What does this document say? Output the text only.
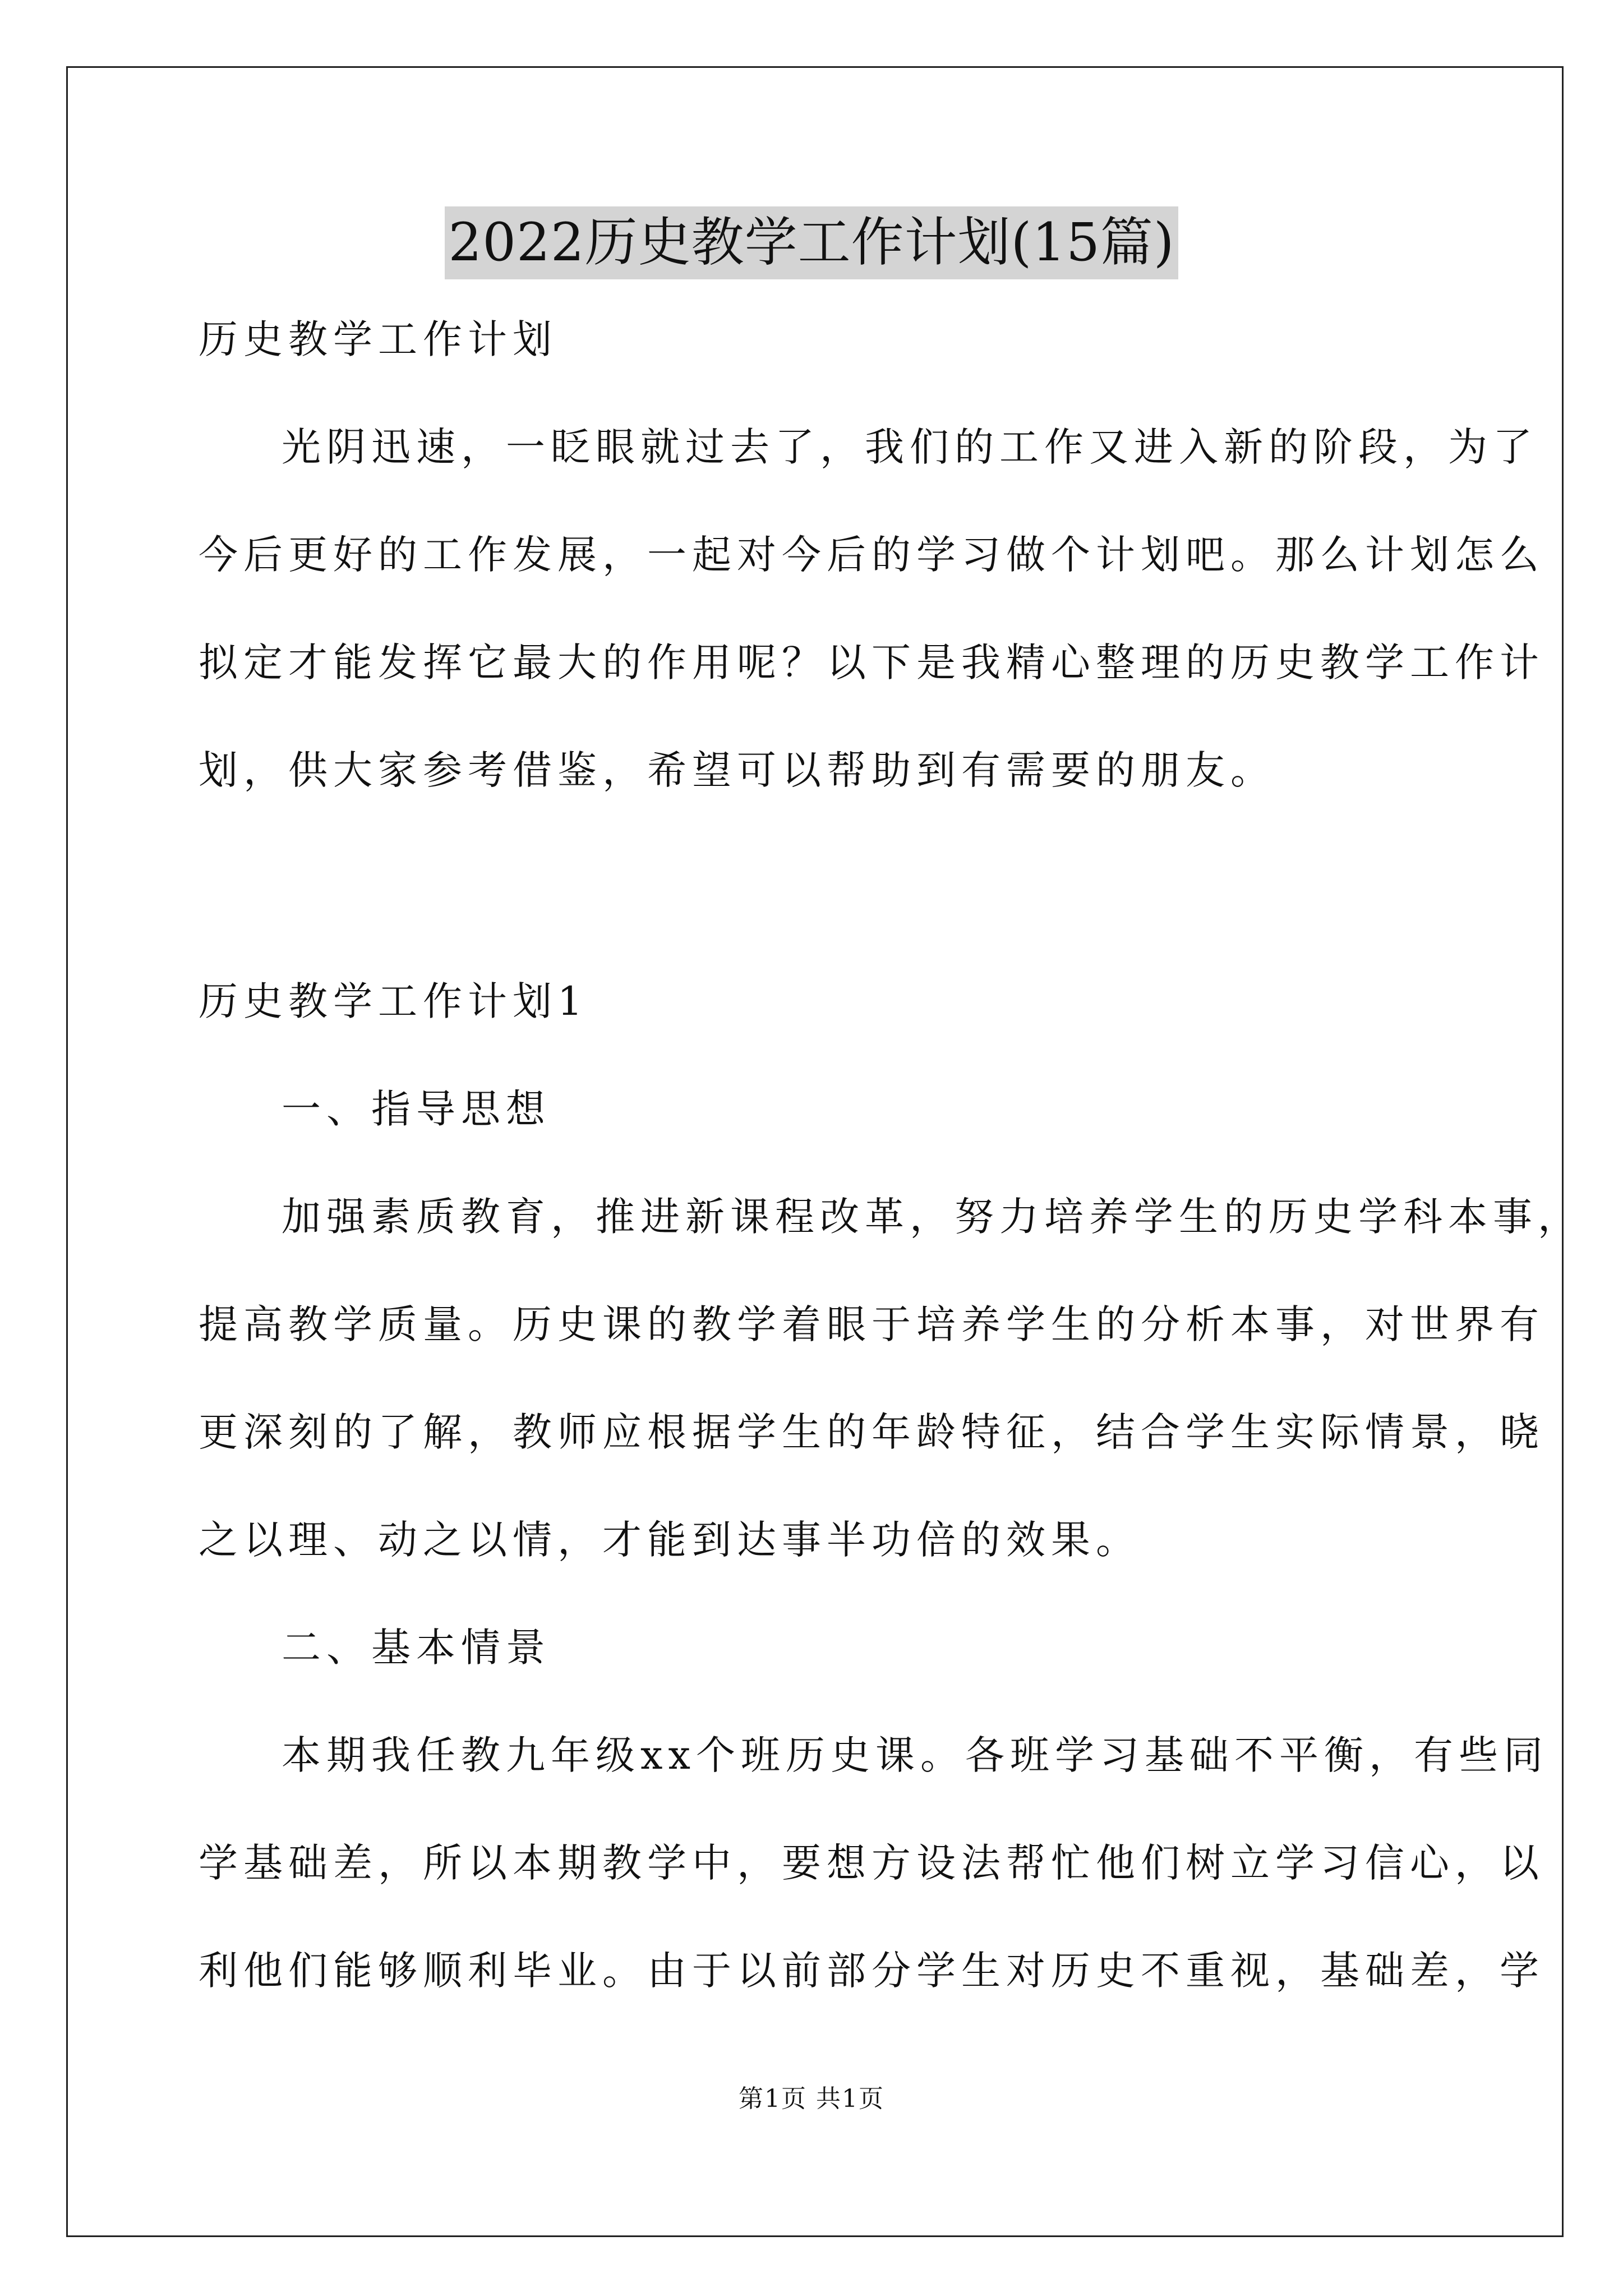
2022历史教学工作计划(15篇)
历史教学工作计划
光阴迅速，一眨眼就过去了，我们的工作又进入新的阶段，为了
今后更好的工作发展，一起对今后的学习做个计划吧。那么计划怎么
拟定才能发挥它最大的作用呢？以下是我精心整理的历史教学工作计
划，供大家参考借鉴，希望可以帮助到有需要的朋友。
历史教学工作计划1
一、指导思想
加强素质教育，推进新课程改革，努力培养学生的历史学科本事，
提高教学质量。历史课的教学着眼于培养学生的分析本事，对世界有
更深刻的了解，教师应根据学生的年龄特征，结合学生实际情景，晓
之以理、动之以情，才能到达事半功倍的效果。
二、基本情景
本期我任教九年级xx个班历史课。各班学习基础不平衡，有些同
学基础差，所以本期教学中，要想方设法帮忙他们树立学习信心，以
利他们能够顺利毕业。由于以前部分学生对历史不重视，基础差，学
第1页 共1页
